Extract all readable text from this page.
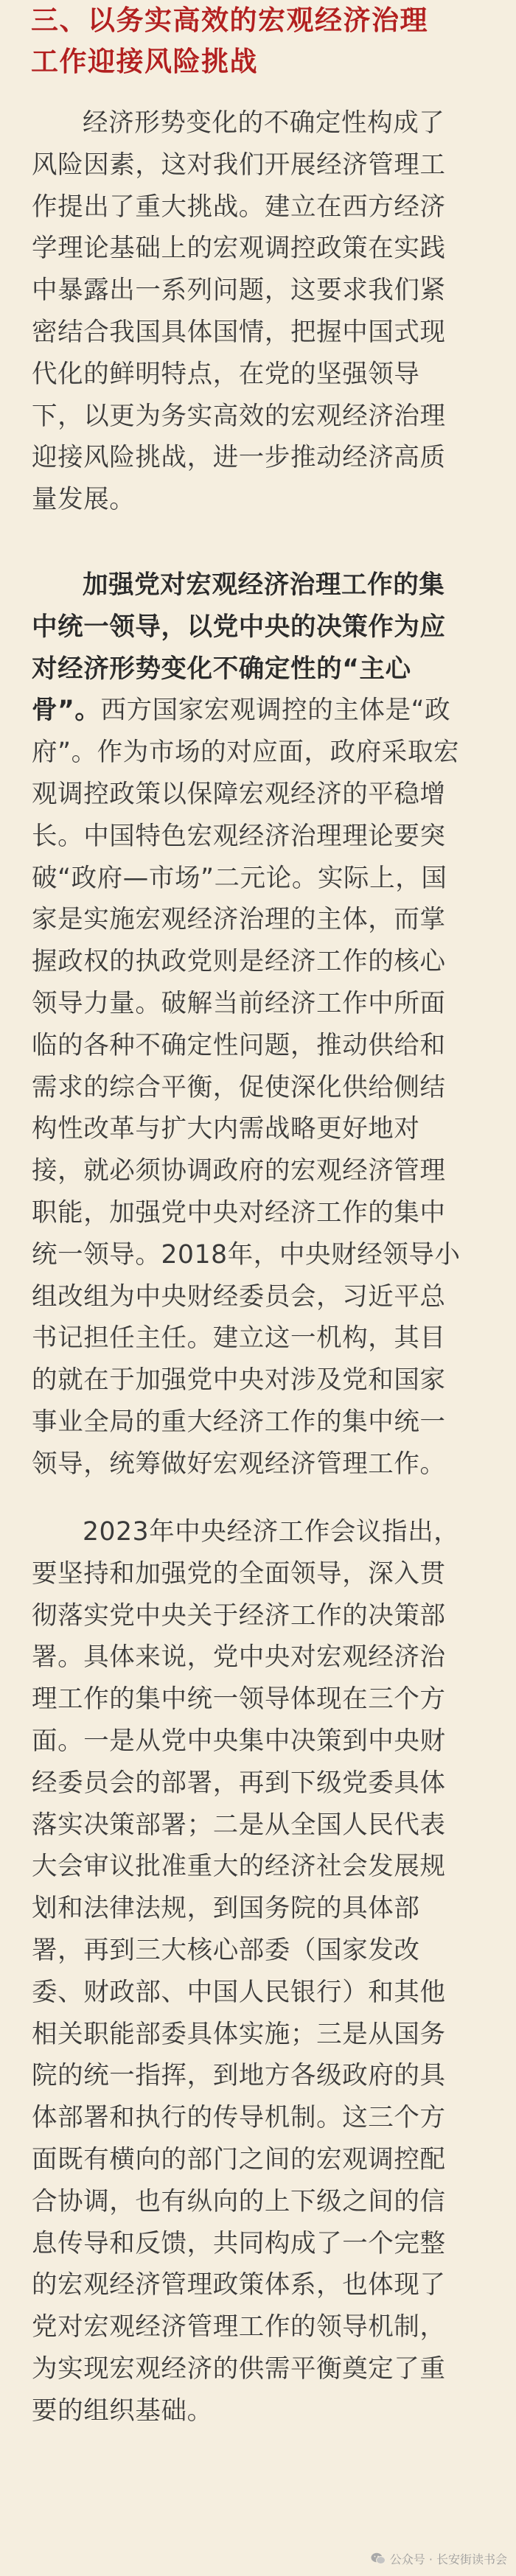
三、以务实高效的宏观经济治理
工作迎接风险挑战
经济形势变化的不确定性构成了
风险因素，这对我们开展经济管理工
作提出了重大挑战。建立在西方经济
学理论基础上的宏观调控政策在实践
中暴露出一系列问题，这要求我们紧
密结合我国具体国情，把握中国式现
代化的鲜明特点，在党的坚强领导
下，以更为务实高效的宏观经济治理
迎接风险挑战，进一步推动经济高质
量发展。
加强党对宏观经济治理工作的集
中统一领导，以党中央的决策作为应
对经济形势变化不确定性的“主心
骨”。西方国家宏观调控的主体是“政
府”。作为市场的对应面，政府采取宏
观调控政策以保障宏观经济的平稳增
长。中国特色宏观经济治理理论要突
破“政府—市场”二元论。实际上，国
家是实施宏观经济治理的主体，而掌
握政权的执政党则是经济工作的核心
领导力量。破解当前经济工作中所面
临的各种不确定性问题，推动供给和
需求的综合平衡，促使深化供给侧结
构性改革与扩大内需战略更好地对
接，就必须协调政府的宏观经济管理
职能，加强党中央对经济工作的集中
统一领导。2018年，中央财经领导小
组改组为中央财经委员会，习近平总
书记担任主任。建立这一机构，其目
的就在于加强党中央对涉及党和国家
事业全局的重大经济工作的集中统一
领导，统筹做好宏观经济管理工作。
2023年中央经济工作会议指出，
要坚持和加强党的全面领导，深入贯
彻落实党中央关于经济工作的决策部
署。具体来说，党中央对宏观经济治
理工作的集中统一领导体现在三个方
面。一是从党中央集中决策到中央财
经委员会的部署，再到下级党委具体
落实决策部署；二是从全国人民代表
大会审议批准重大的经济社会发展规
划和法律法规，到国务院的具体部
署，再到三大核心部委（国家发改
委、财政部、中国人民银行）和其他
相关职能部委具体实施；三是从国务
院的统一指挥，到地方各级政府的具
体部署和执行的传导机制。这三个方
面既有横向的部门之间的宏观调控配
合协调，也有纵向的上下级之间的信
息传导和反馈，共同构成了一个完整
的宏观经济管理政策体系，也体现了
党对宏观经济管理工作的领导机制，
为实现宏观经济的供需平衡奠定了重
要的组织基础。
公众号 · 长安街读书会
